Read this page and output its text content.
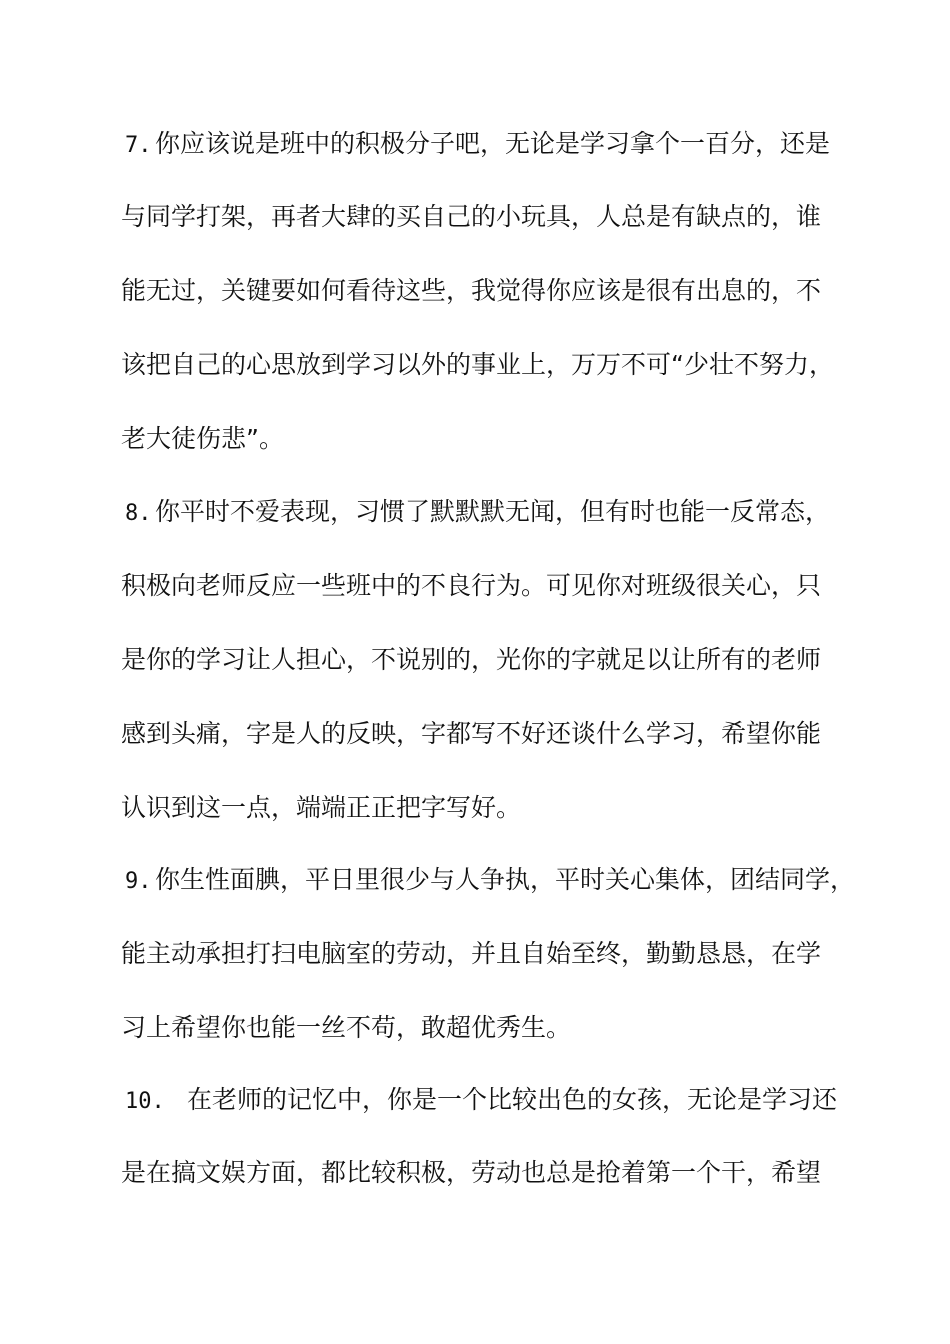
7. 你应该说是班中的积极分子吧，无论是学习拿个一百分，还是
与同学打架，再者大肆的买自己的小玩具，人总是有缺点的，谁
能无过，关键要如何看待这些，我觉得你应该是很有出息的，不
该把自己的心思放到学习以外的事业上，万万不可“少壮不努力，
老大徒伤悲”。
8. 你平时不爱表现，习惯了默默默无闻，但有时也能一反常态，
积极向老师反应一些班中的不良行为。可见你对班级很关心，只
是你的学习让人担心，不说别的，光你的字就足以让所有的老师
感到头痛，字是人的反映，字都写不好还谈什么学习，希望你能
认识到这一点，端端正正把字写好。
9. 你生性面腆，平日里很少与人争执，平时关心集体，团结同学，
能主动承担打扫电脑室的劳动，并且自始至终，勤勤恳恳，在学
习上希望你也能一丝不苟，敢超优秀生。
10. 在老师的记忆中，你是一个比较出色的女孩，无论是学习还
是在搞文娱方面，都比较积极，劳动也总是抢着第一个干，希望
